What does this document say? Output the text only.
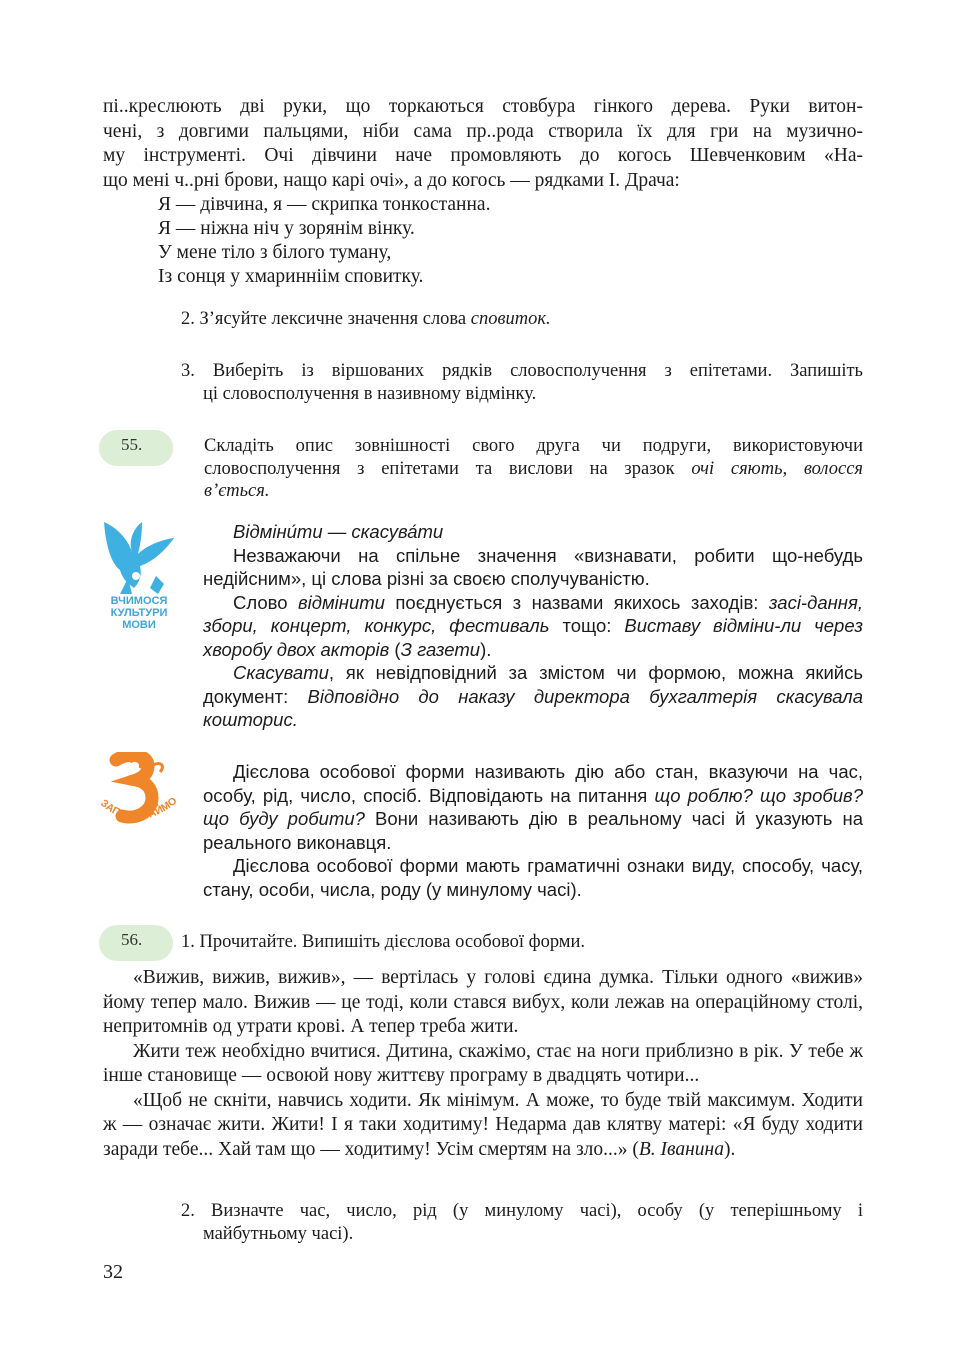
пі..креслюють дві руки, що торкаються стовбура гінкого дерева. Руки витон-
чені, з довгими пальцями, ніби сама пр..рода створила їх для гри на музично-
му інструменті. Очі дівчини наче промовляють до когось Шевченковим «На-
що мені ч..рні брови, нащо карі очі», а до когось — рядками І. Драча:
Я — дівчина, я — скрипка тонкостанна.
Я — ніжна ніч у зорянім вінку.
У мене тіло з білого туману,
Із сонця у хмаринніім сповитку.
2. З’ясуйте лексичне значення слова сповиток.
3. Виберіть із віршованих рядків словосполучення з епітетами. Запишіть
ці словосполучення в називному відмінку.
55.	Складіть опис зовнішності свого друга чи подруги, використовуючи
словосполучення з епітетами та вислови на зразок очі сяють, волосся
в’ється.
ВЧИМОСЯ
КУЛЬТУРИ
МОВИ
Відміни́ти — скасува́ти

Незважаючи на спільне значення «визнавати, робити що-небудь недійсним», ці слова різні за своєю сполучуваністю.

Слово відмінити поєднується з назвами якихось заходів: засі-дання, збори, концерт, конкурс, фестиваль тощо: Виставу відміни-ли через хворобу двох акторів (З газети).

Скасувати, як невідповідний за змістом чи формою, можна якийсь документ: Відповідно до наказу директора бухгалтерія скасувала кошторис.

ЗАПАМ’ЯТАЙМО

Дієслова особової форми називають дію або стан, вказуючи на час, особу, рід, число, спосіб. Відповідають на питання що роблю? що зробив? що буду робити? Вони називають дію в реальному часі й указують на реального виконавця.

Дієслова особової форми мають граматичні ознаки виду, способу, часу, стану, особи, числа, роду (у минулому часі).

56. 1. Прочитайте. Випишіть дієслова особової форми.

«Вижив, вижив, вижив», — вертілась у голові єдина думка. Тільки одного «вижив» йому тепер мало. Вижив — це тоді, коли стався вибух, коли лежав на операційному столі, непритомнів од утрати крові. А тепер треба жити.

Жити теж необхідно вчитися. Дитина, скажімо, стає на ноги приблизно в рік. У тебе ж інше становище — освоюй нову життєву програму в двадцять чотири...

«Щоб не скніти, навчись ходити. Як мінімум. А може, то буде твій максимум. Ходити ж — означає жити. Жити! І я таки ходитиму! Недарма дав клятву матері: «Я буду ходити заради тебе... Хай там що — ходитиму! Усім смертям на зло...» (В. Іванина).

2. Визначте час, число, рід (у минулому часі), особу (у теперішньому і
майбутньому часі).
32
